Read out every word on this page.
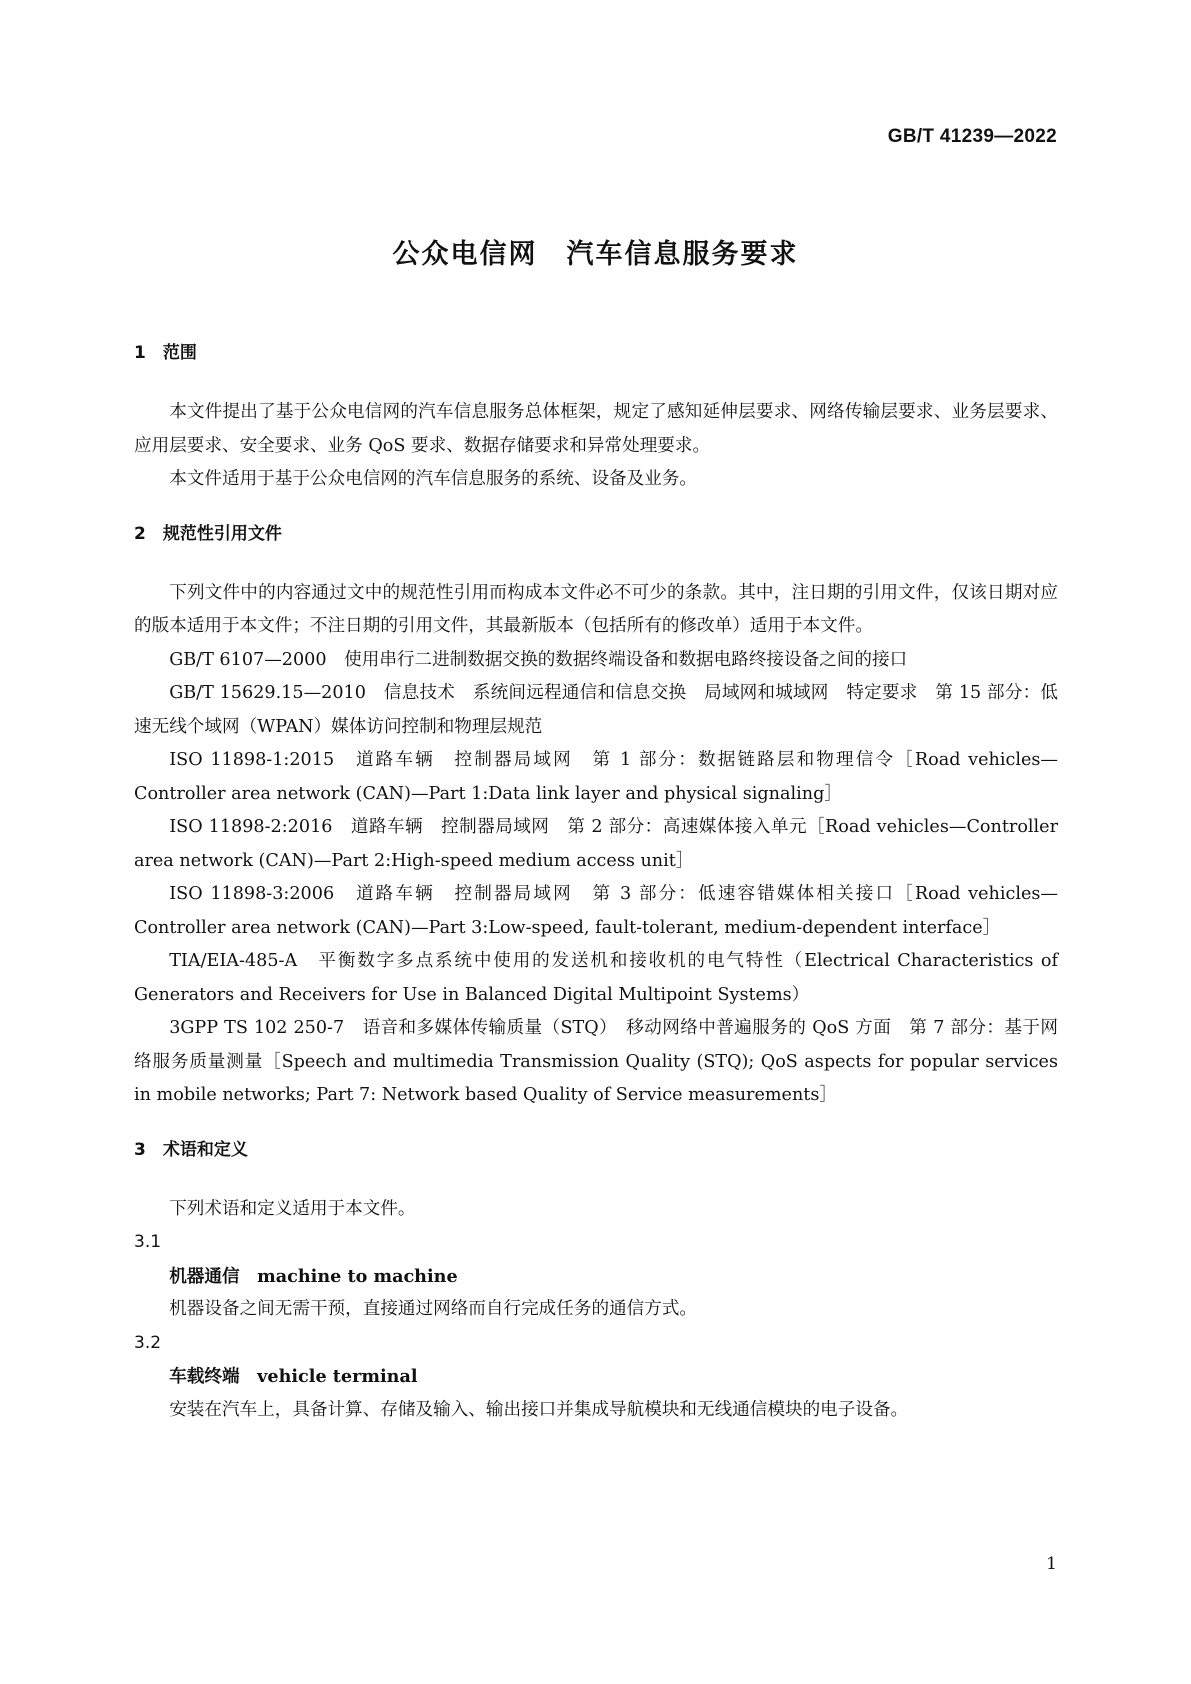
GB/T 41239—2022
公众电信网　汽车信息服务要求
1　范围

本文件提出了基于公众电信网的汽车信息服务总体框架，规定了感知延伸层要求、网络传输层要求、业务层要求、应用层要求、安全要求、业务 QoS 要求、数据存储要求和异常处理要求。

本文件适用于基于公众电信网的汽车信息服务的系统、设备及业务。

2　规范性引用文件

下列文件中的内容通过文中的规范性引用而构成本文件必不可少的条款。其中，注日期的引用文件，仅该日期对应的版本适用于本文件；不注日期的引用文件，其最新版本（包括所有的修改单）适用于本文件。

GB/T 6107—2000　使用串行二进制数据交换的数据终端设备和数据电路终接设备之间的接口

GB/T 15629.15—2010　信息技术　系统间远程通信和信息交换　局域网和城域网　特定要求　第 15 部分：低速无线个域网（WPAN）媒体访问控制和物理层规范

ISO 11898-1:2015　道路车辆　控制器局域网　第 1 部分：数据链路层和物理信令［Road vehicles—Controller area network (CAN)—Part 1:Data link layer and physical signaling］

ISO 11898-2:2016　道路车辆　控制器局域网　第 2 部分：高速媒体接入单元［Road vehicles—Controller area network (CAN)—Part 2:High-speed medium access unit］

ISO 11898-3:2006　道路车辆　控制器局域网　第 3 部分：低速容错媒体相关接口［Road vehicles—Controller area network (CAN)—Part 3:Low-speed, fault-tolerant, medium-dependent interface］

TIA/EIA-485-A　平衡数字多点系统中使用的发送机和接收机的电气特性（Electrical Characteristics of Generators and Receivers for Use in Balanced Digital Multipoint Systems）

3GPP TS 102 250-7　语音和多媒体传输质量（STQ）　移动网络中普遍服务的 QoS 方面　第 7 部分：基于网络服务质量测量［Speech and multimedia Transmission Quality (STQ); QoS aspects for popular services in mobile networks; Part 7: Network based Quality of Service measurements］

3　术语和定义

下列术语和定义适用于本文件。

3.1
机器通信　machine to machine
机器设备之间无需干预，直接通过网络而自行完成任务的通信方式。
3.2
车载终端　vehicle terminal
安装在汽车上，具备计算、存储及输入、输出接口并集成导航模块和无线通信模块的电子设备。
1
